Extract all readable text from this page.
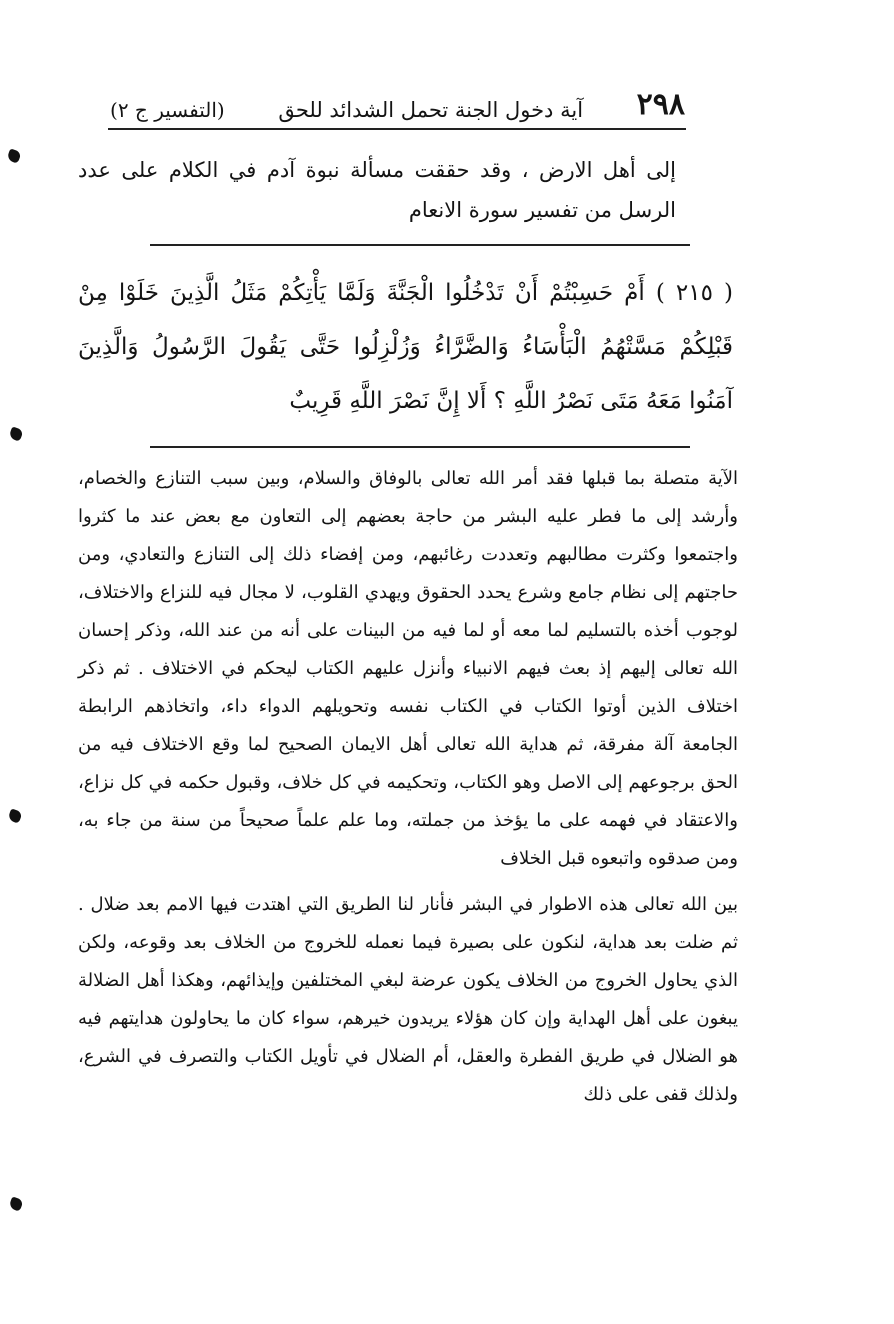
٢٩٨
آية دخول الجنة تحمل الشدائد للحق
(التفسير ج ٢)
إلى أهل الارض ، وقد حققت مسألة نبوة آدم في الكلام على عدد الرسل من تفسير سورة الانعام
( ٢١٥ ) أَمْ حَسِبْتُمْ أَنْ تَدْخُلُوا الْجَنَّةَ وَلَمَّا يَأْتِكُمْ مَثَلُ الَّذِينَ خَلَوْا مِنْ قَبْلِكُمْ مَسَّتْهُمُ الْبَأْسَاءُ وَالضَّرَّاءُ وَزُلْزِلُوا حَتَّى يَقُولَ الرَّسُولُ وَالَّذِينَ آمَنُوا مَعَهُ مَتَى نَصْرُ اللَّهِ ؟ أَلا إِنَّ نَصْرَ اللَّهِ قَرِيبٌ

الآية متصلة بما قبلها فقد أمر الله تعالى بالوفاق والسلام، وبين سبب التنازع والخصام، وأرشد إلى ما فطر عليه البشر من حاجة بعضهم إلى التعاون مع بعض عند ما كثروا واجتمعوا وكثرت مطالبهم وتعددت رغائبهم، ومن إفضاء ذلك إلى التنازع والتعادي، ومن حاجتهم إلى نظام جامع وشرع يحدد الحقوق ويهدي القلوب، لا مجال فيه للنزاع والاختلاف، لوجوب أخذه بالتسليم لما معه أو لما فيه من البينات على أنه من عند الله، وذكر إحسان الله تعالى إليهم إذ بعث فيهم الانبياء وأنزل عليهم الكتاب ليحكم في الاختلاف . ثم ذكر اختلاف الذين أوتوا الكتاب في الكتاب نفسه وتحويلهم الدواء داء، واتخاذهم الرابطة الجامعة آلة مفرقة، ثم هداية الله تعالى أهل الايمان الصحيح لما وقع الاختلاف فيه من الحق برجوعهم إلى الاصل وهو الكتاب، وتحكيمه في كل خلاف، وقبول حكمه في كل نزاع، والاعتقاد في فهمه على ما يؤخذ من جملته، وما علم علماً صحيحاً من سنة من جاء به، ومن صدقوه واتبعوه قبل الخلاف

بين الله تعالى هذه الاطوار في البشر فأنار لنا الطريق التي اهتدت فيها الامم بعد ضلال . ثم ضلت بعد هداية، لنكون على بصيرة فيما نعمله للخروج من الخلاف بعد وقوعه، ولكن الذي يحاول الخروج من الخلاف يكون عرضة لبغي المختلفين وإيذائهم، وهكذا أهل الضلالة يبغون على أهل الهداية وإن كان هؤلاء يريدون خيرهم، سواء كان ما يحاولون هدايتهم فيه هو الضلال في طريق الفطرة والعقل، أم الضلال في تأويل الكتاب والتصرف في الشرع، ولذلك قفى على ذلك
